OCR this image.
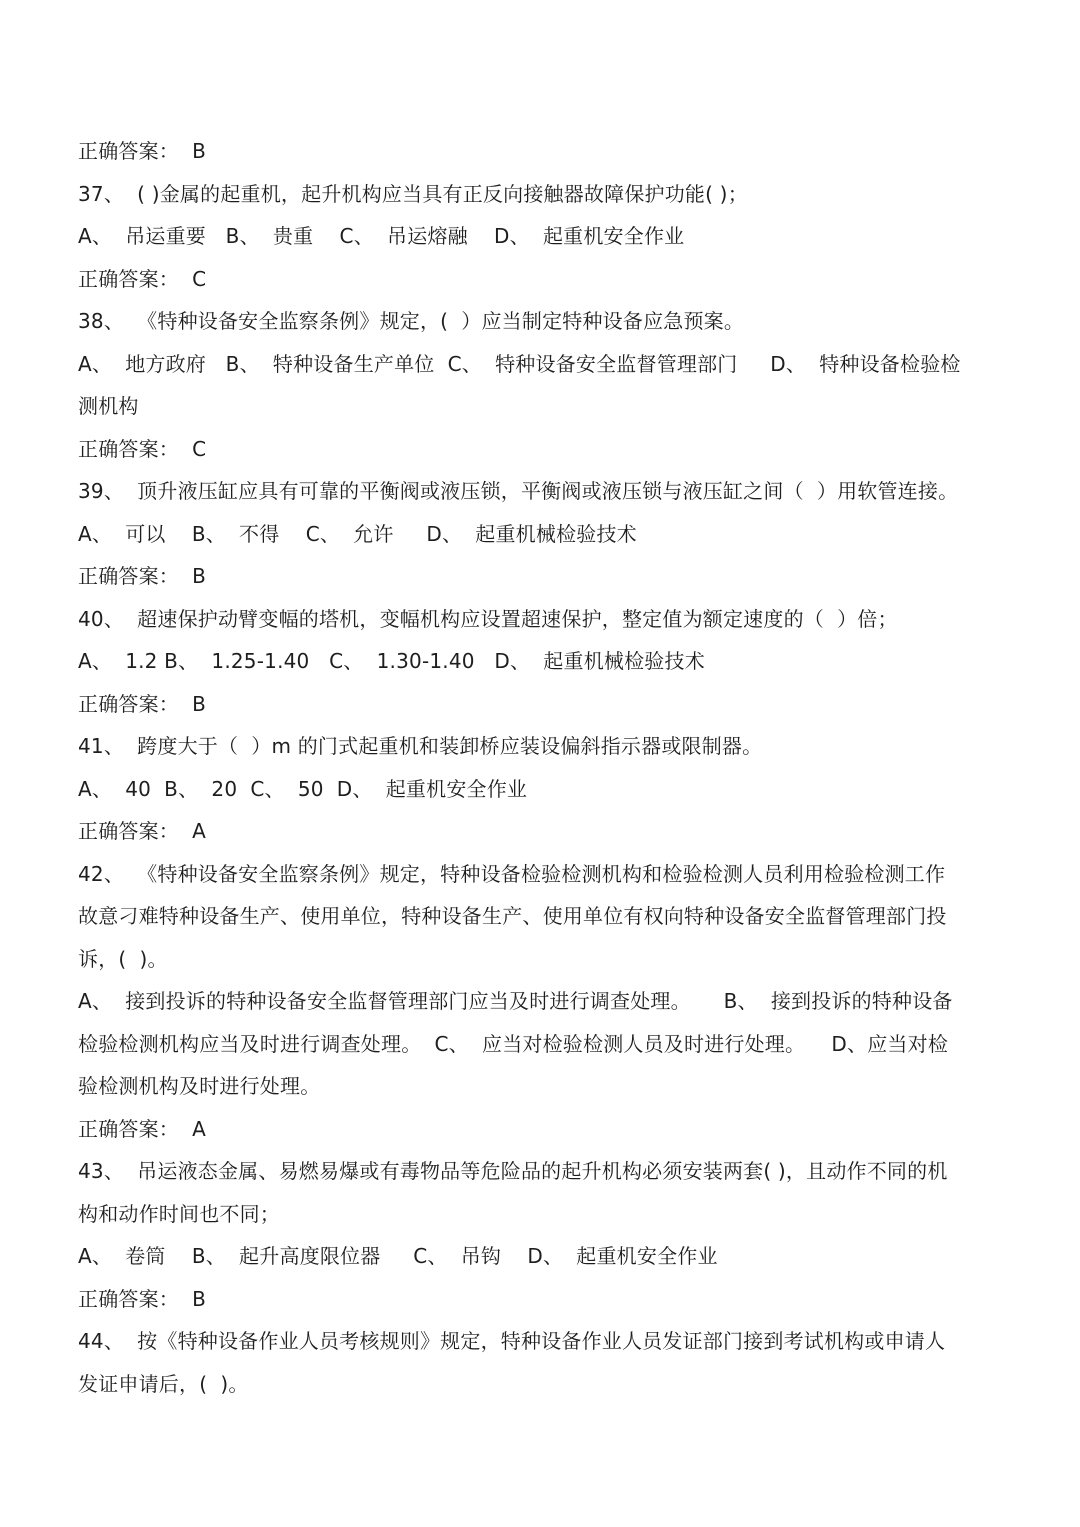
正确答案：  B
37、  ( )金属的起重机，起升机构应当具有正反向接触器故障保护功能( )；
A、  吊运重要   B、  贵重    C、  吊运熔融    D、  起重机安全作业
正确答案：  C
38、  《特种设备安全监察条例》规定，(  ）应当制定特种设备应急预案。
A、  地方政府   B、  特种设备生产单位  C、  特种设备安全监督管理部门     D、  特种设备检验检
测机构
正确答案：  C
39、  顶升液压缸应具有可靠的平衡阀或液压锁，平衡阀或液压锁与液压缸之间（  ）用软管连接。
A、  可以    B、  不得    C、  允许     D、  起重机械检验技术
正确答案：  B
40、  超速保护动臂变幅的塔机，变幅机构应设置超速保护，整定值为额定速度的（  ）倍；
A、  1.2 B、  1.25-1.40   C、  1.30-1.40   D、  起重机械检验技术
正确答案：  B
41、  跨度大于（  ）m 的门式起重机和装卸桥应装设偏斜指示器或限制器。
A、  40  B、  20  C、  50  D、  起重机安全作业
正确答案：  A
42、  《特种设备安全监察条例》规定，特种设备检验检测机构和检验检测人员利用检验检测工作
故意刁难特种设备生产、使用单位，特种设备生产、使用单位有权向特种设备安全监督管理部门投
诉，(  )。
A、  接到投诉的特种设备安全监督管理部门应当及时进行调查处理。     B、  接到投诉的特种设备
检验检测机构应当及时进行调查处理。  C、  应当对检验检测人员及时进行处理。    D、应当对检
验检测机构及时进行处理。
正确答案：  A
43、  吊运液态金属、易燃易爆或有毒物品等危险品的起升机构必须安装两套( )，且动作不同的机
构和动作时间也不同；
A、  卷筒    B、  起升高度限位器     C、  吊钩    D、  起重机安全作业
正确答案：  B
44、  按《特种设备作业人员考核规则》规定，特种设备作业人员发证部门接到考试机构或申请人
发证申请后，(  )。
